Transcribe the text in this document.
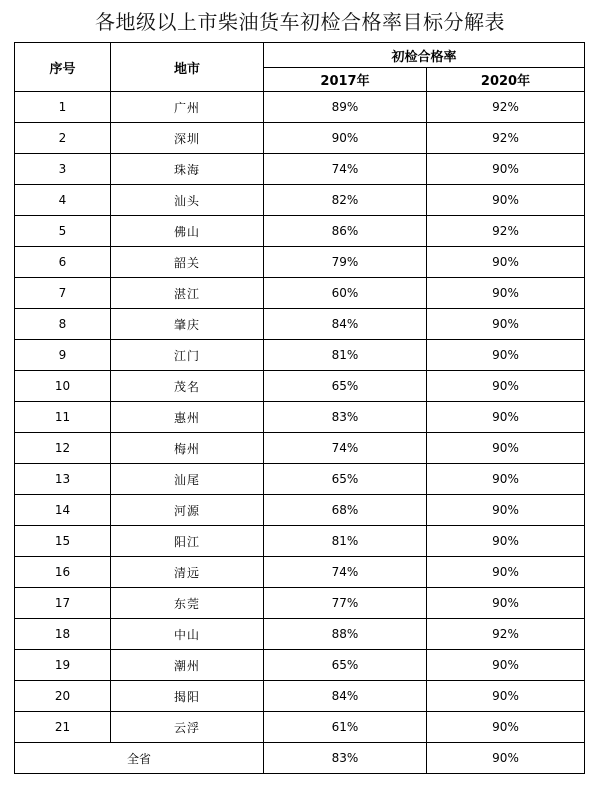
各地级以上市柴油货车初检合格率目标分解表
序号	地市	初检合格率	
		2017年	2020年
1	广州	89%	92%
2	深圳	90%	92%
3	珠海	74%	90%
4	汕头	82%	90%
5	佛山	86%	92%
6	韶关	79%	90%
7	湛江	60%	90%
8	肇庆	84%	90%
9	江门	81%	90%
10	茂名	65%	90%
11	惠州	83%	90%
12	梅州	74%	90%
13	汕尾	65%	90%
14	河源	68%	90%
15	阳江	81%	90%
16	清远	74%	90%
17	东莞	77%	90%
18	中山	88%	92%
19	潮州	65%	90%
20	揭阳	84%	90%
21	云浮	61%	90%
全省		83%	90%
